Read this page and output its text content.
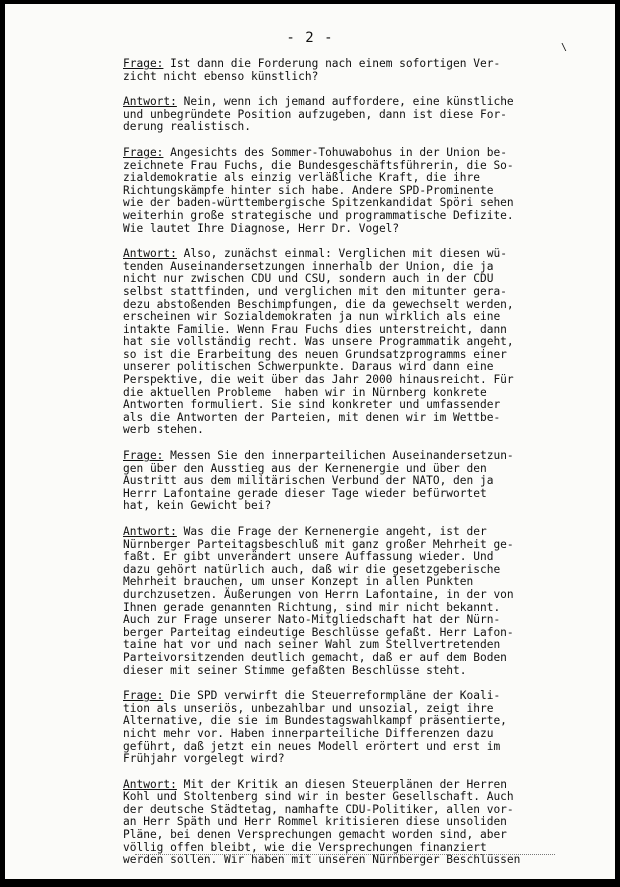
- 2 -
\
Frage: Ist dann die Forderung nach einem sofortigen Ver-
zicht nicht ebenso künstlich?
Antwort: Nein, wenn ich jemand auffordere, eine künstliche
und unbegründete Position aufzugeben, dann ist diese For-
derung realistisch.
Frage: Angesichts des Sommer-Tohuwabohus in der Union be-
zeichnete Frau Fuchs, die Bundesgeschäftsführerin, die So-
zialdemokratie als einzig verläßliche Kraft, die ihre
Richtungskämpfe hinter sich habe. Andere SPD-Prominente
wie der baden-württembergische Spitzenkandidat Spöri sehen
weiterhin große strategische und programmatische Defizite.
Wie lautet Ihre Diagnose, Herr Dr. Vogel?
Antwort: Also, zunächst einmal: Verglichen mit diesen wü-
tenden Auseinandersetzungen innerhalb der Union, die ja
nicht nur zwischen CDU und CSU, sondern auch in der CDU
selbst stattfinden, und verglichen mit den mitunter gera-
dezu abstoßenden Beschimpfungen, die da gewechselt werden,
erscheinen wir Sozialdemokraten ja nun wirklich als eine
intakte Familie. Wenn Frau Fuchs dies unterstreicht, dann
hat sie vollständig recht. Was unsere Programmatik angeht,
so ist die Erarbeitung des neuen Grundsatzprogramms einer
unserer politischen Schwerpunkte. Daraus wird dann eine
Perspektive, die weit über das Jahr 2000 hinausreicht. Für
die aktuellen Probleme  haben wir in Nürnberg konkrete
Antworten formuliert. Sie sind konkreter und umfassender
als die Antworten der Parteien, mit denen wir im Wettbe-
werb stehen.
Frage: Messen Sie den innerparteilichen Auseinandersetzun-
gen über den Ausstieg aus der Kernenergie und über den
Austritt aus dem militärischen Verbund der NATO, den ja
Herrr Lafontaine gerade dieser Tage wieder befürwortet
hat, kein Gewicht bei?
Antwort: Was die Frage der Kernenergie angeht, ist der
Nürnberger Parteitagsbeschluß mit ganz großer Mehrheit ge-
faßt. Er gibt unverändert unsere Auffassung wieder. Und
dazu gehört natürlich auch, daß wir die gesetzgeberische
Mehrheit brauchen, um unser Konzept in allen Punkten
durchzusetzen. Äußerungen von Herrn Lafontaine, in der von
Ihnen gerade genannten Richtung, sind mir nicht bekannt.
Auch zur Frage unserer Nato-Mitgliedschaft hat der Nürn-
berger Parteitag eindeutige Beschlüsse gefaßt. Herr Lafon-
taine hat vor und nach seiner Wahl zum Stellvertretenden
Parteivorsitzenden deutlich gemacht, daß er auf dem Boden
dieser mit seiner Stimme gefaßten Beschlüsse steht.
Frage: Die SPD verwirft die Steuerreformpläne der Koali-
tion als unseriös, unbezahlbar und unsozial, zeigt ihre
Alternative, die sie im Bundestagswahlkampf präsentierte,
nicht mehr vor. Haben innerparteiliche Differenzen dazu
geführt, daß jetzt ein neues Modell erörtert und erst im
Frühjahr vorgelegt wird?
Antwort: Mit der Kritik an diesen Steuerplänen der Herren
Kohl und Stoltenberg sind wir in bester Gesellschaft. Auch
der deutsche Städtetag, namhafte CDU-Politiker, allen vor-
an Herr Späth und Herr Rommel kritisieren diese unsoliden
Pläne, bei denen Versprechungen gemacht worden sind, aber
völlig offen bleibt, wie die Versprechungen finanziert
werden sollen. Wir haben mit unseren Nürnberger Beschlüssen
